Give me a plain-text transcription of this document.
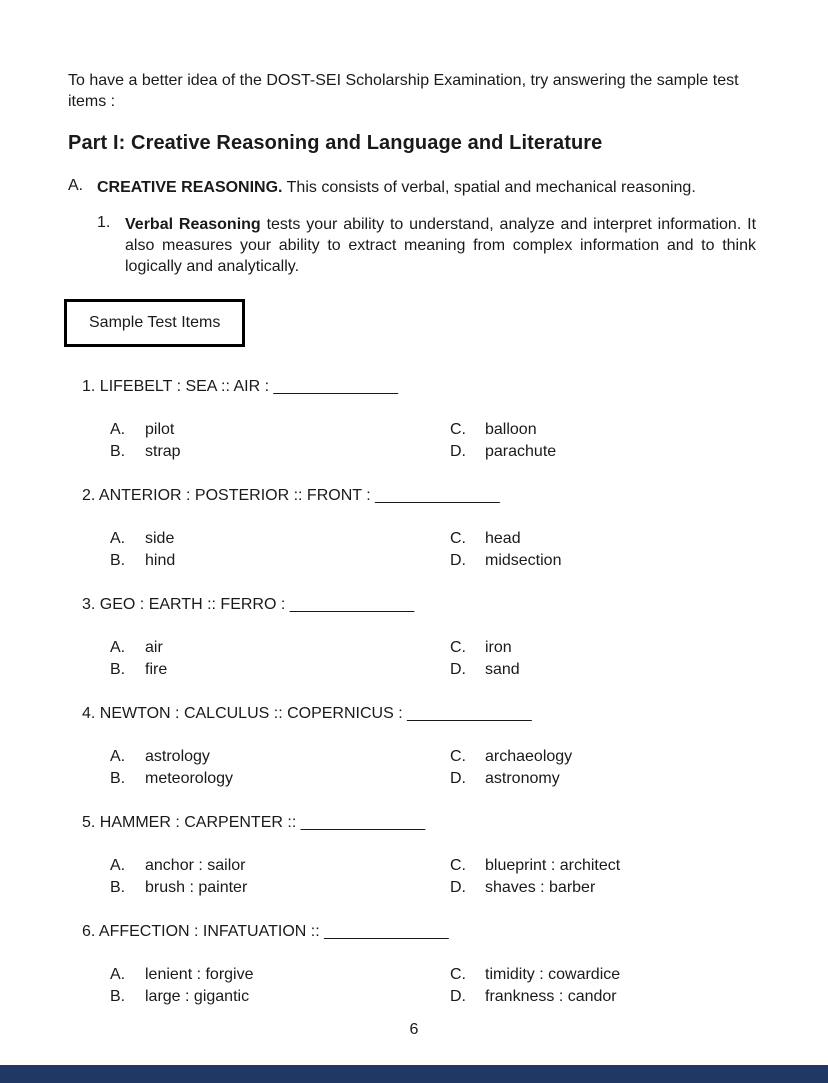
To have a better idea of the DOST-SEI Scholarship Examination, try answering the sample test items :

Part I: Creative Reasoning and Language and Literature
A. CREATIVE REASONING. This consists of verbal, spatial and mechanical reasoning.
1. Verbal Reasoning tests your ability to understand, analyze and interpret information. It also measures your ability to extract meaning from complex information and to think logically and analytically.
Sample Test Items
1. LIFEBELT : SEA :: AIR : ______________
A.	pilot	C.	balloon
B.	strap	D.	parachute
2. ANTERIOR : POSTERIOR :: FRONT : ______________
A.	side	C.	head
B.	hind	D.	midsection
3. GEO : EARTH :: FERRO : ______________
A.	air	C.	iron
B.	fire	D.	sand
4. NEWTON : CALCULUS :: COPERNICUS : ______________
A.	astrology	C.	archaeology
B.	meteorology	D.	astronomy
5. HAMMER : CARPENTER :: ______________
A.	anchor : sailor	C.	blueprint : architect
B.	brush : painter	D.	shaves : barber
6. AFFECTION : INFATUATION :: ______________
A.	lenient : forgive	C.	timidity : cowardice
B.	large : gigantic	D.	frankness : candor
6
